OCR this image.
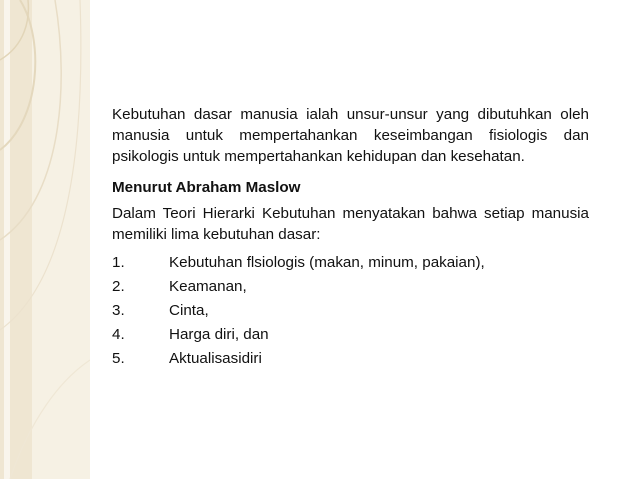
Kebutuhan dasar manusia ialah unsur-unsur yang dibutuhkan oleh manusia untuk mempertahankan keseimbangan fisiologis dan psikologis untuk mempertahankan kehidupan dan kesehatan.

Menurut Abraham Maslow

Dalam Teori Hierarki Kebutuhan menyatakan bahwa setiap manusia memiliki lima kebutuhan dasar:

1.	Kebutuhan flsiologis (makan, minum, pakaian),
2.	Keamanan,
3.	Cinta,
4.	Harga diri, dan
5.	Aktualisasidiri
